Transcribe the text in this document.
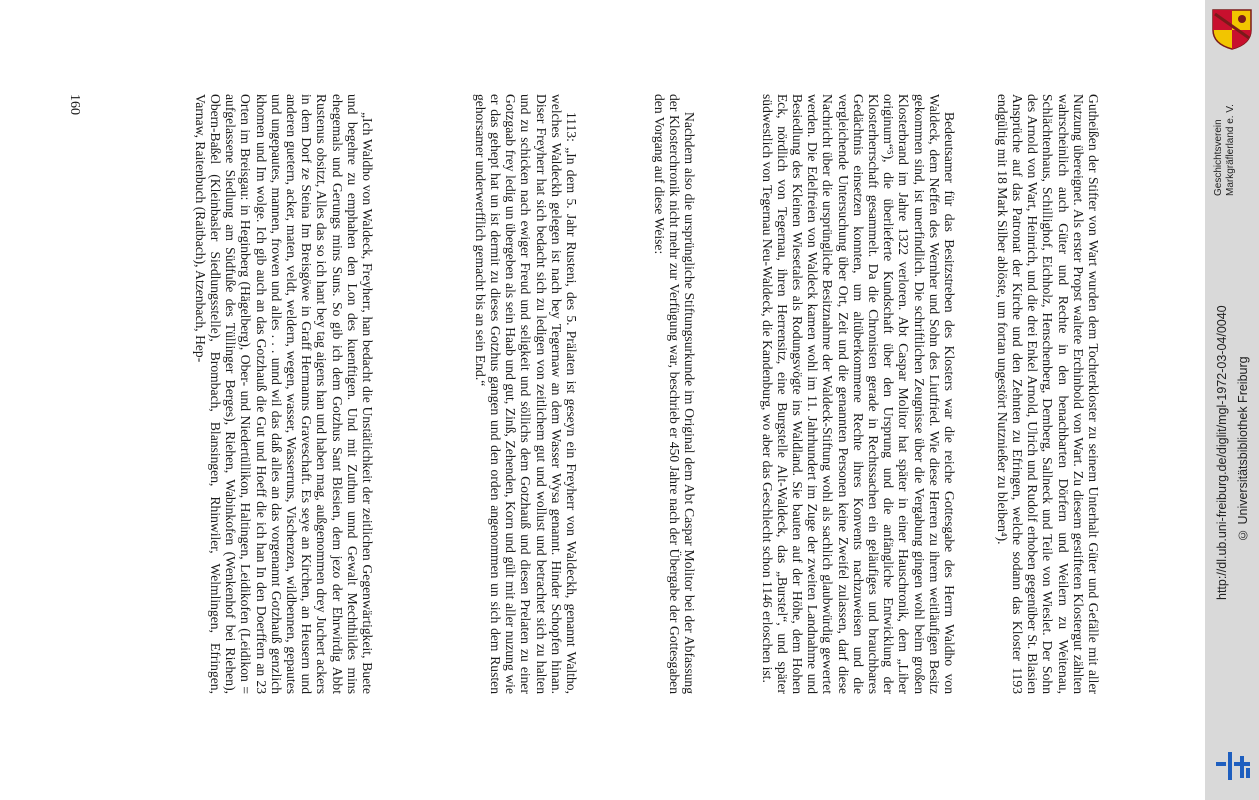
Gutheißen der Stifter von Wart wurden dem Tochterkloster zu seinem Unterhalt Güter und Gefälle mit aller Nutzung übereignet. Als erster Propst waltete Erchinbold von Wart. Zu diesem gestifteten Klostergut zählten wahrscheinlich auch Güter und Rechte in den benachbarten Dörfern und Weilern zu Weitenau, Schlächtenhaus, Schillighof, Eichholz, Henschenberg, Demberg, Sallneck und Teile von Wieslet. Der Sohn des Arnold von Wart, Heinrich, und die drei Enkel Arnold, Ulrich und Rudolf erhoben gegenüber St. Blasien Ansprüche auf das Patronat der Kirche und den Zehnten zu Efringen, welche sodann das Kloster 1193 endgültig mit 18 Mark Silber ablöste, um fortan ungestört Nutznießer zu bleiben⁴).

Bedeutsamer für das Besitzstreben des Klosters war die reiche Gottesgabe des Herrn Waldho von Waldeck, dem Neffen des Wernher und Sohn des Liutfried. Wie diese Herren zu ihrem weitläufigen Besitz gekommen sind, ist unerfindlich. Die schriftlichen Zeugnisse über die Vergabung gingen wohl beim großen Klosterbrand im Jahre 1322 verloren. Abt Caspar Molitor hat später in einer Hauschronik, dem „Liber originum“⁵), die überlieferte Kundschaft über den Ursprung und die anfängliche Entwicklung der Klosterherrschaft gesammelt. Da die Chronisten gerade in Rechtssachen ein geläufiges und brauchbares Gedächtnis einsetzen konnten, um altüberkommene Rechte ihres Konvents nachzuweisen und die vergleichende Untersuchung über Ort, Zeit und die genannten Personen keine Zweifel zulassen, darf diese Nachricht über die ursprüngliche Besitznahme der Waldeck-Stiftung wohl als sachlich glaubwürdig gewertet werden. Die Edelfreien von Waldeck kamen wohl im 11. Jahrhundert im Zuge der zweiten Landnahme und Besiedlung des Kleinen Wiesetales als Rodungsvögte ins Waldland. Sie bauten auf der Höhe, dem Hohen Eck, nördlich von Tegernau, ihren Herrensitz, eine Burgstelle Alt-Waldeck, das „Burstel“, und später südwestlich von Tegernau Neu-Waldeck, die Kandenburg, wo aber das Geschlecht schon 1146 erloschen ist.

Nachdem also die ursprüngliche Stiftungsurkunde im Original dem Abt Caspar Molitor bei der Abfassung der Klosterchronik nicht mehr zur Verfügung war, beschrieb er 450 Jahre nach der Übergabe der Gottesgaben den Vorgang auf diese Weise:

1113: „In dem 5. Jahr Rusteni, des 5. Prälaten ist geseyn ein Freyherr von Waldeckh, genannt Waltho, welches Waldeckh gelegen ist nach bey Tegernaw an dem Wasser Wysa genannt. Hinder Schopfen hinan. Diser Freyherr hat sich bedacht sich zu ledigen von zeitlichem gut und wollust und betrachtet sich zu halten und zu schicken nach ewiger Freud und seligkeit und söllichs dem Gotzhauß und diesen Prelaten zu einer Gotzgaab frey ledig un übergeben als sein Haab und gut, Zinß, Zehenden, Korn und gült mit aller nuzung wie er das gehept hat un ist dermit zu dieses Gotzhus gangen und den orden angenommen un sich dem Rusten gehorsamer underwerfflich gemacht bis an sein End.“

„Ich Waldho von Waldeck, Freyherr, han bedacht die Unstätlichkeit der zeitlichen Gegenwärtigkeit, Buete und begehre zu emphahen den Lon des kuenftigen. Und mit Zuthun unnd Gewalt Mechthildes mins ehegemals und Gerungs mins Suns. So gib ich dem Gotzhus Sant Blesien, dem jezo der Ehrwirdig Abbt Rustenus obsitzt, Alles das so ich hant bey tag aigens han und haben mag, außgenommen drey Juchert ackers in dem Dorf ze Steina Im Breisgöwe in Graff Hermanns Graveschaft. Es seye an Kirchen, an Heusern und anderen guetern, acker, maten, veldt, weldern, wegen, wasser, Wasserruns, Vischenzen, wildbennen, gepautes und ungepautes, mannen, frowen und alles . . . unnd wil das daß alles an das vorgenannt Gotzhauß genzlich khomen und Im wolge. Ich gib auch an das Gotzhauß die Gut und Hoeff die ich han In den Doerffern an 23 Orten im Breisgau: in Heginberg (Hägelberg), Ober- und Niedertüllikon, Haltingen, Leidikofen (Leidikon = aufgelassene Siedlung am Südfuße des Tüllinger Berges), Riehen, Wabinkofen (Wenkenhof bei Riehen), Obern-Baßel (Kleinbasler Siedlungsstelle), Brombach, Blansingen, Rhinwiler, Welmlingen, Efringen, Varnaw, Raitenbuch (Raitbach), Atzenbach, Hep-

160
Geschichtsverein Markgräflerland e. V.
http://dl.ub.uni-freiburg.de/diglit/mgl-1972-03-04/0040 © Universitätsbibliothek Freiburg
